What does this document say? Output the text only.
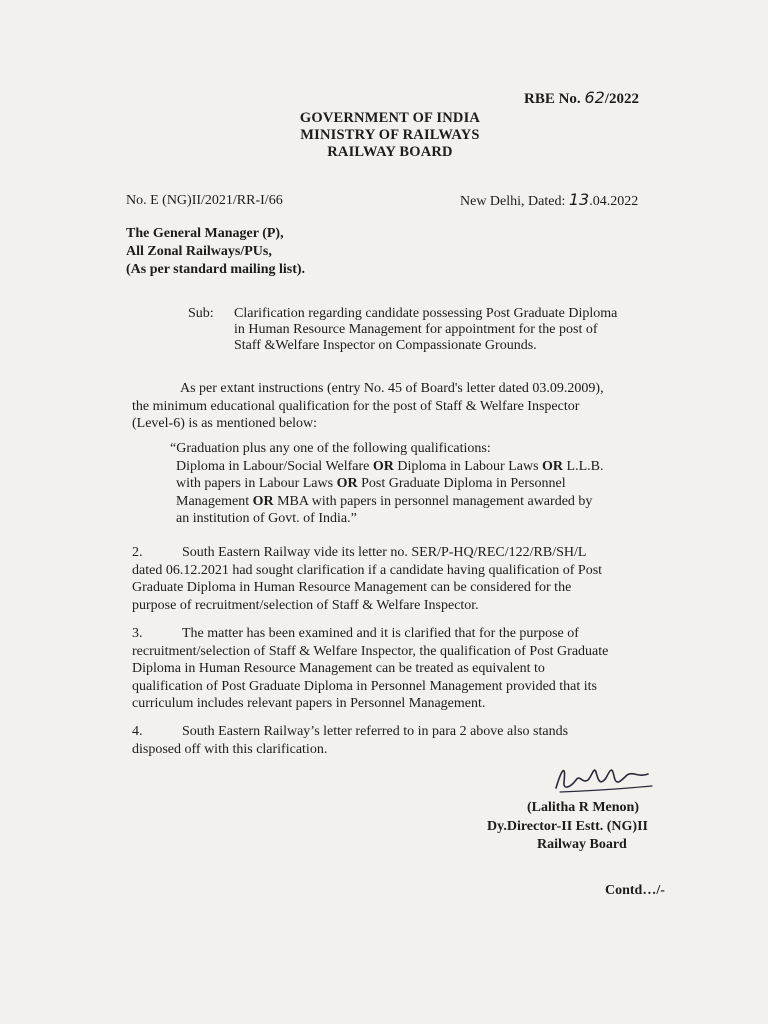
RBE No. 62/2022
GOVERNMENT OF INDIA
MINISTRY OF RAILWAYS
RAILWAY BOARD
No. E (NG)II/2021/RR-I/66	New Delhi, Dated: 13.04.2022
The General Manager (P),
All Zonal Railways/PUs,
(As per standard mailing list).
Sub: Clarification regarding candidate possessing Post Graduate Diploma
in Human Resource Management for appointment for the post of
Staff &Welfare Inspector on Compassionate Grounds.
As per extant instructions (entry No. 45 of Board's letter dated 03.09.2009),
the minimum educational qualification for the post of Staff & Welfare Inspector
(Level-6) is as mentioned below:
“Graduation plus any one of the following qualifications:
Diploma in Labour/Social Welfare OR Diploma in Labour Laws OR L.L.B.
with papers in Labour Laws OR Post Graduate Diploma in Personnel
Management OR MBA with papers in personnel management awarded by
an institution of Govt. of India.”
2.	South Eastern Railway vide its letter no. SER/P-HQ/REC/122/RB/SH/L
dated 06.12.2021 had sought clarification if a candidate having qualification of Post
Graduate Diploma in Human Resource Management can be considered for the
purpose of recruitment/selection of Staff & Welfare Inspector.
3.	The matter has been examined and it is clarified that for the purpose of
recruitment/selection of Staff & Welfare Inspector, the qualification of Post Graduate
Diploma in Human Resource Management can be treated as equivalent to
qualification of Post Graduate Diploma in Personnel Management provided that its
curriculum includes relevant papers in Personnel Management.
4.	South Eastern Railway’s letter referred to in para 2 above also stands
disposed off with this clarification.
(Lalitha R Menon)
Dy.Director-II Estt. (NG)II
Railway Board
Contd…/-
